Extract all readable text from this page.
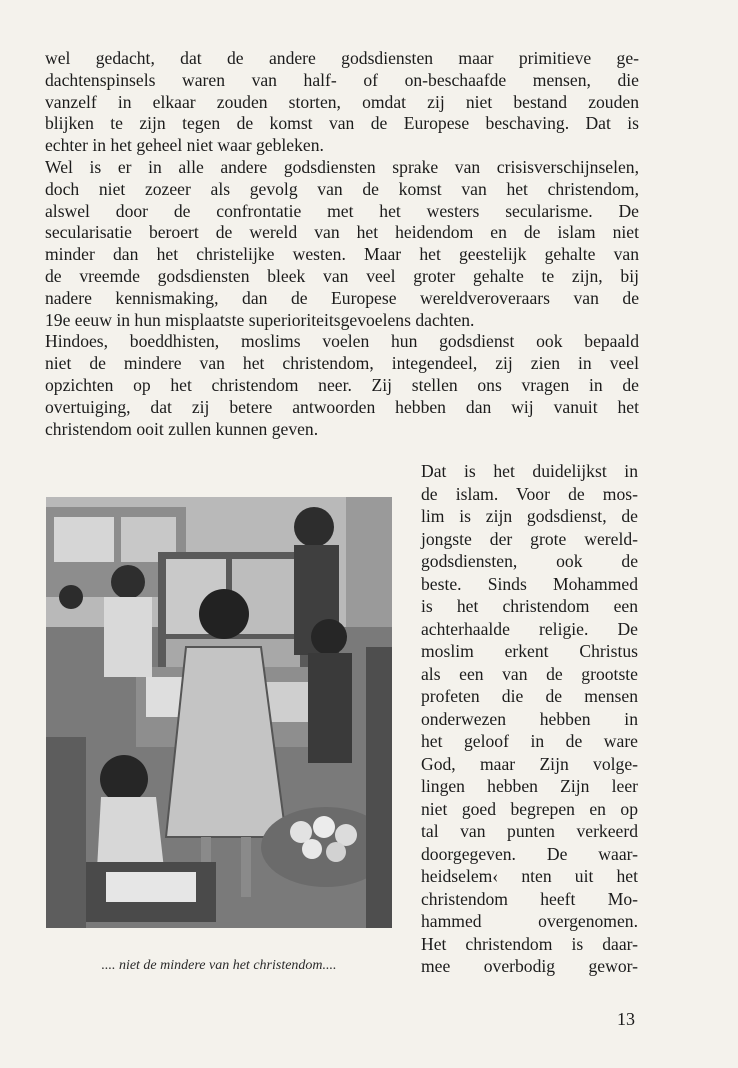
wel gedacht, dat de andere godsdiensten maar primitieve ge-
dachtenspinsels waren van half- of on-beschaafde mensen, die
vanzelf in elkaar zouden storten, omdat zij niet bestand zouden
blijken te zijn tegen de komst van de Europese beschaving. Dat is
echter in het geheel niet waar gebleken.
Wel is er in alle andere godsdiensten sprake van crisisverschijnselen,
doch niet zozeer als gevolg van de komst van het christendom,
alswel door de confrontatie met het westers secularisme. De
secularisatie beroert de wereld van het heidendom en de islam niet
minder dan het christelijke westen. Maar het geestelijk gehalte van
de vreemde godsdiensten bleek van veel groter gehalte te zijn, bij
nadere kennismaking, dan de Europese wereldveroveraars van de
19e eeuw in hun misplaatste superioriteitsgevoelens dachten.
Hindoes, boeddhisten, moslims voelen hun godsdienst ook bepaald
niet de mindere van het christendom, integendeel, zij zien in veel
opzichten op het christendom neer. Zij stellen ons vragen in de
overtuiging, dat zij betere antwoorden hebben dan wij vanuit het
christendom ooit zullen kunnen geven.
.... niet de mindere van het christendom....
Dat is het duidelijkst in
de islam. Voor de mos-
lim is zijn godsdienst, de
jongste der grote wereld-
godsdiensten, ook de
beste. Sinds Mohammed
is het christendom een
achterhaalde religie. De
moslim erkent Christus
als een van de grootste
profeten die de mensen
onderwezen hebben in
het geloof in de ware
God, maar Zijn volge-
lingen hebben Zijn leer
niet goed begrepen en op
tal van punten verkeerd
doorgegeven. De waar-
heidselem‹ nten uit het
christendom heeft Mo-
hammed overgenomen.
Het christendom is daar-
mee overbodig gewor-
13
